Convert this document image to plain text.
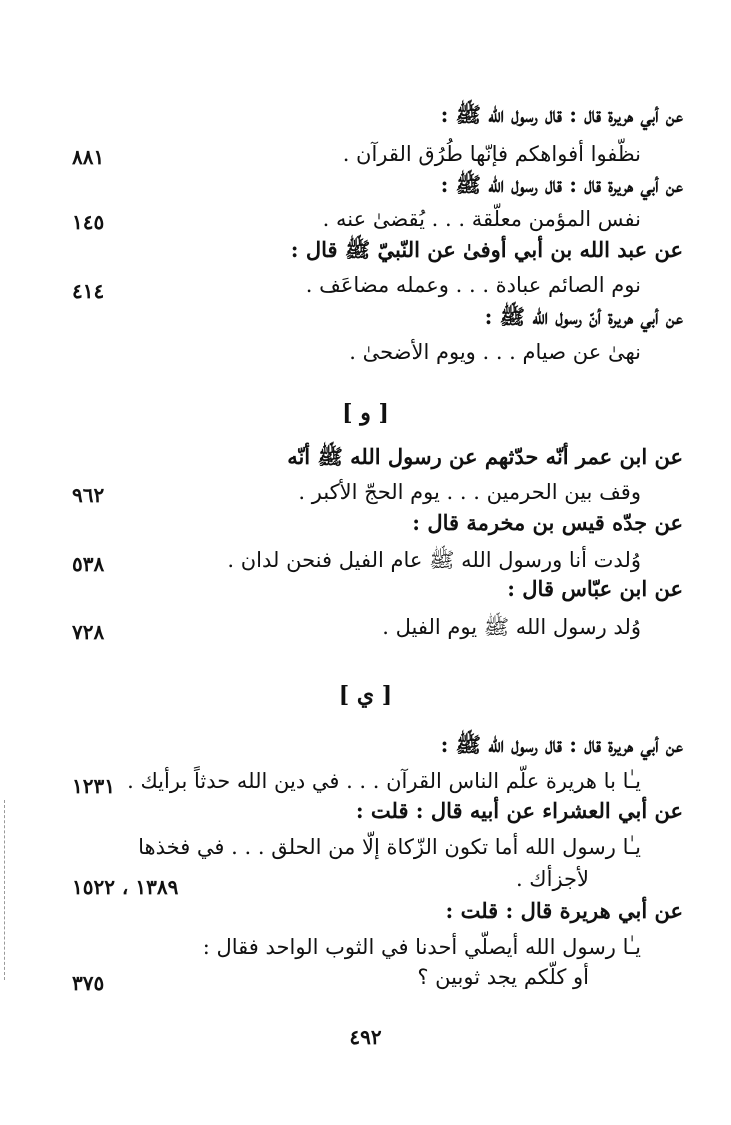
عن أبي هريرة قال : قال رسول الله ﷺ :
نظّفوا أفواهكم فإنّها طُرُق القرآن .
٨٨١
عن أبي هريرة قال : قال رسول الله ﷺ :
نفس المؤمن معلّقة . . . يُقضىٰ عنه .
١٤٥
عن عبد الله بن أبي أوفىٰ عن النّبيّ ﷺ قال :
نوم الصائم عبادة . . . وعمله مضاعَف .
٤١٤
عن أبي هريرة أنّ رسول الله ﷺ :
نهىٰ عن صيام . . . ويوم الأضحىٰ .
[ و ]
عن ابن عمر أنّه حدّثهم عن رسول الله ﷺ أنّه
وقف بين الحرمين . . . يوم الحجّ الأكبر .
٩٦٢
عن جدّه قيس بن مخرمة قال :
وُلدت أنا ورسول الله ﷺ عام الفيل فنحن لدان .
٥٣٨
عن ابن عبّاس قال :
وُلد رسول الله ﷺ يوم الفيل .
٧٢٨
[ ي ]
عن أبي هريرة قال : قال رسول الله ﷺ :
يـٰا با هريرة علّم الناس القرآن . . . في دين الله حدثاً برأيك .
١٢٣١
عن أبي العشراء عن أبيه قال : قلت :
يـٰا رسول الله أما تكون الزّكاة إلّا من الحلق . . . في فخذها
لأجزأك .
١٣٨٩ ، ١٥٢٢
عن أبي هريرة قال : قلت :
يـٰا رسول الله أيصلّي أحدنا في الثوب الواحد فقال :
أو كلّكم يجد ثوبين ؟
٣٧٥
٤٩٢
